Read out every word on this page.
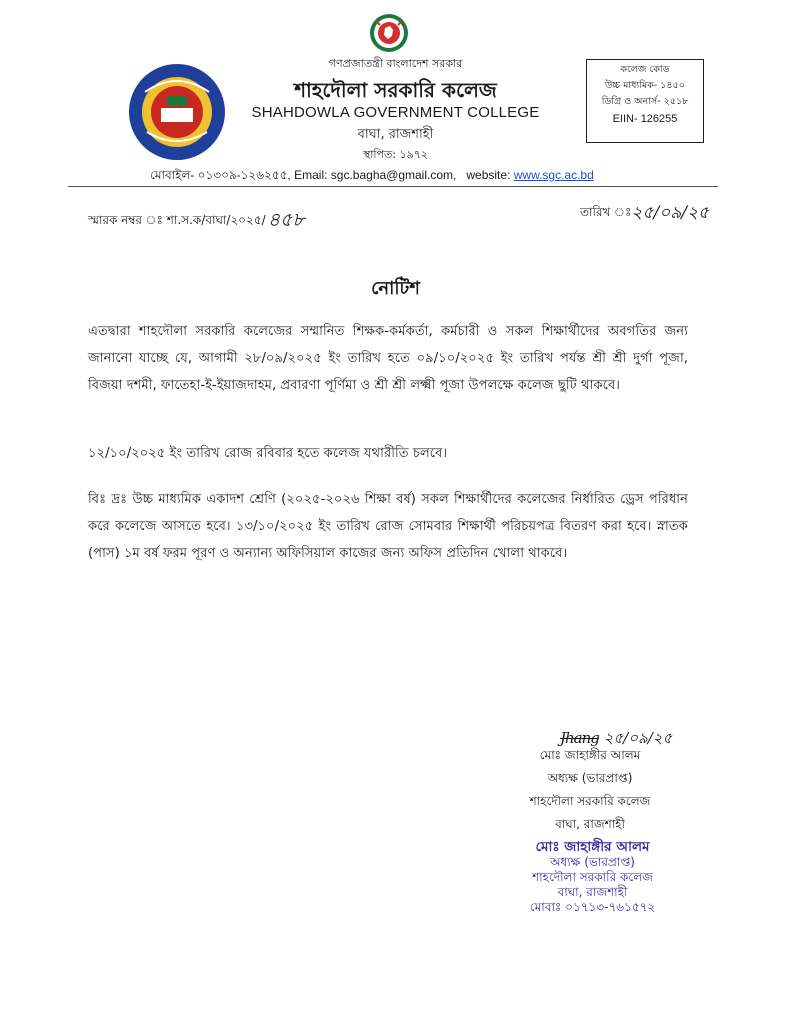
গণপ্রজাতন্ত্রী বাংলাদেশ সরকার
শাহদৌলা সরকারি কলেজ
SHAHDOWLA GOVERNMENT COLLEGE
বাঘা, রাজশাহী
স্থাপিত: ১৯৭২
কলেজ কোড
উচ্চ মাধ্যমিক- ১৪৫০
ডিগ্রি ও অনার্স- ২৫১৮
EIIN- 126255
মোবাইল- ০১৩০৯-১২৬২৫৫, Email: sgc.bagha@gmail.com, website: www.sgc.ac.bd
স্মারক নম্বর ঃ শা.স.ক/বাঘা/২০২৫/ ৪৫৮	তারিখ ঃ২৫/০৯/২৫
নোটিশ
এতদ্বারা শাহদৌলা সরকারি কলেজের সম্মানিত শিক্ষক-কর্মকর্তা, কর্মচারী ও সকল শিক্ষার্থীদের অবগতির জন্য জানানো যাচ্ছে যে, আগামী ২৮/০৯/২০২৫ ইং তারিখ হতে ০৯/১০/২০২৫ ইং তারিখ পর্যন্ত শ্রী শ্রী দুর্গা পূজা, বিজয়া দশমী, ফাতেহা-ই-ইয়াজদাহম, প্রবারণা পূর্ণিমা ও শ্রী শ্রী লক্ষ্মী পূজা উপলক্ষে কলেজ ছুটি থাকবে।
১২/১০/২০২৫ ইং তারিখ রোজ রবিবার হতে কলেজ যথারীতি চলবে।
বিঃ দ্রঃ উচ্চ মাধ্যমিক একাদশ শ্রেণি (২০২৫-২০২৬ শিক্ষা বর্ষ) সকল শিক্ষার্থীদের কলেজের নির্ধারিত ড্রেস পরিধান করে কলেজে আসতে হবে। ১৩/১০/২০২৫ ইং তারিখ রোজ সোমবার শিক্ষার্থী পরিচয়পত্র বিতরণ করা হবে। স্নাতক (পাস) ১ম বর্ষ ফরম পূরণ ও অন্যান্য অফিসিয়াল কাজের জন্য অফিস প্রতিদিন খোলা থাকবে।
Jhang ২৫/০৯/২৫
মোঃ জাহাঙ্গীর আলম
অধ্যক্ষ (ভারপ্রাপ্ত)
শাহদৌলা সরকারি কলেজ
বাঘা, রাজশাহী
মোঃ জাহাঙ্গীর আলম
অধ্যক্ষ (ভারপ্রাপ্ত)
শাহদৌলা সরকারি কলেজ
বাঘা, রাজশাহী
মোবাঃ ০১৭১৩-৭৬১৫৭২
